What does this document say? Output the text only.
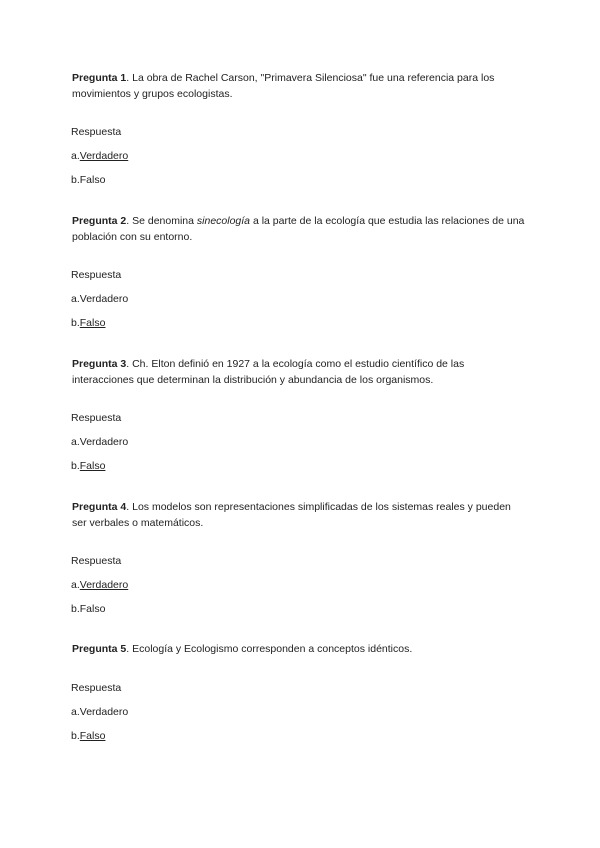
Pregunta 1. La obra de Rachel Carson, "Primavera Silenciosa" fue una referencia para los movimientos y grupos ecologistas.

Respuesta
a.Verdadero
b.Falso

Pregunta 2. Se denomina sinecología a la parte de la ecología que estudia las relaciones de una población con su entorno.

Respuesta
a.Verdadero
b.Falso

Pregunta 3. Ch. Elton definió en 1927 a la ecología como el estudio científico de las interacciones que determinan la distribución y abundancia de los organismos.

Respuesta
a.Verdadero
b.Falso

Pregunta 4. Los modelos son representaciones simplificadas de los sistemas reales y pueden ser verbales o matemáticos.

Respuesta
a.Verdadero
b.Falso

Pregunta 5. Ecología y Ecologismo corresponden a conceptos idénticos.

Respuesta
a.Verdadero
b.Falso
